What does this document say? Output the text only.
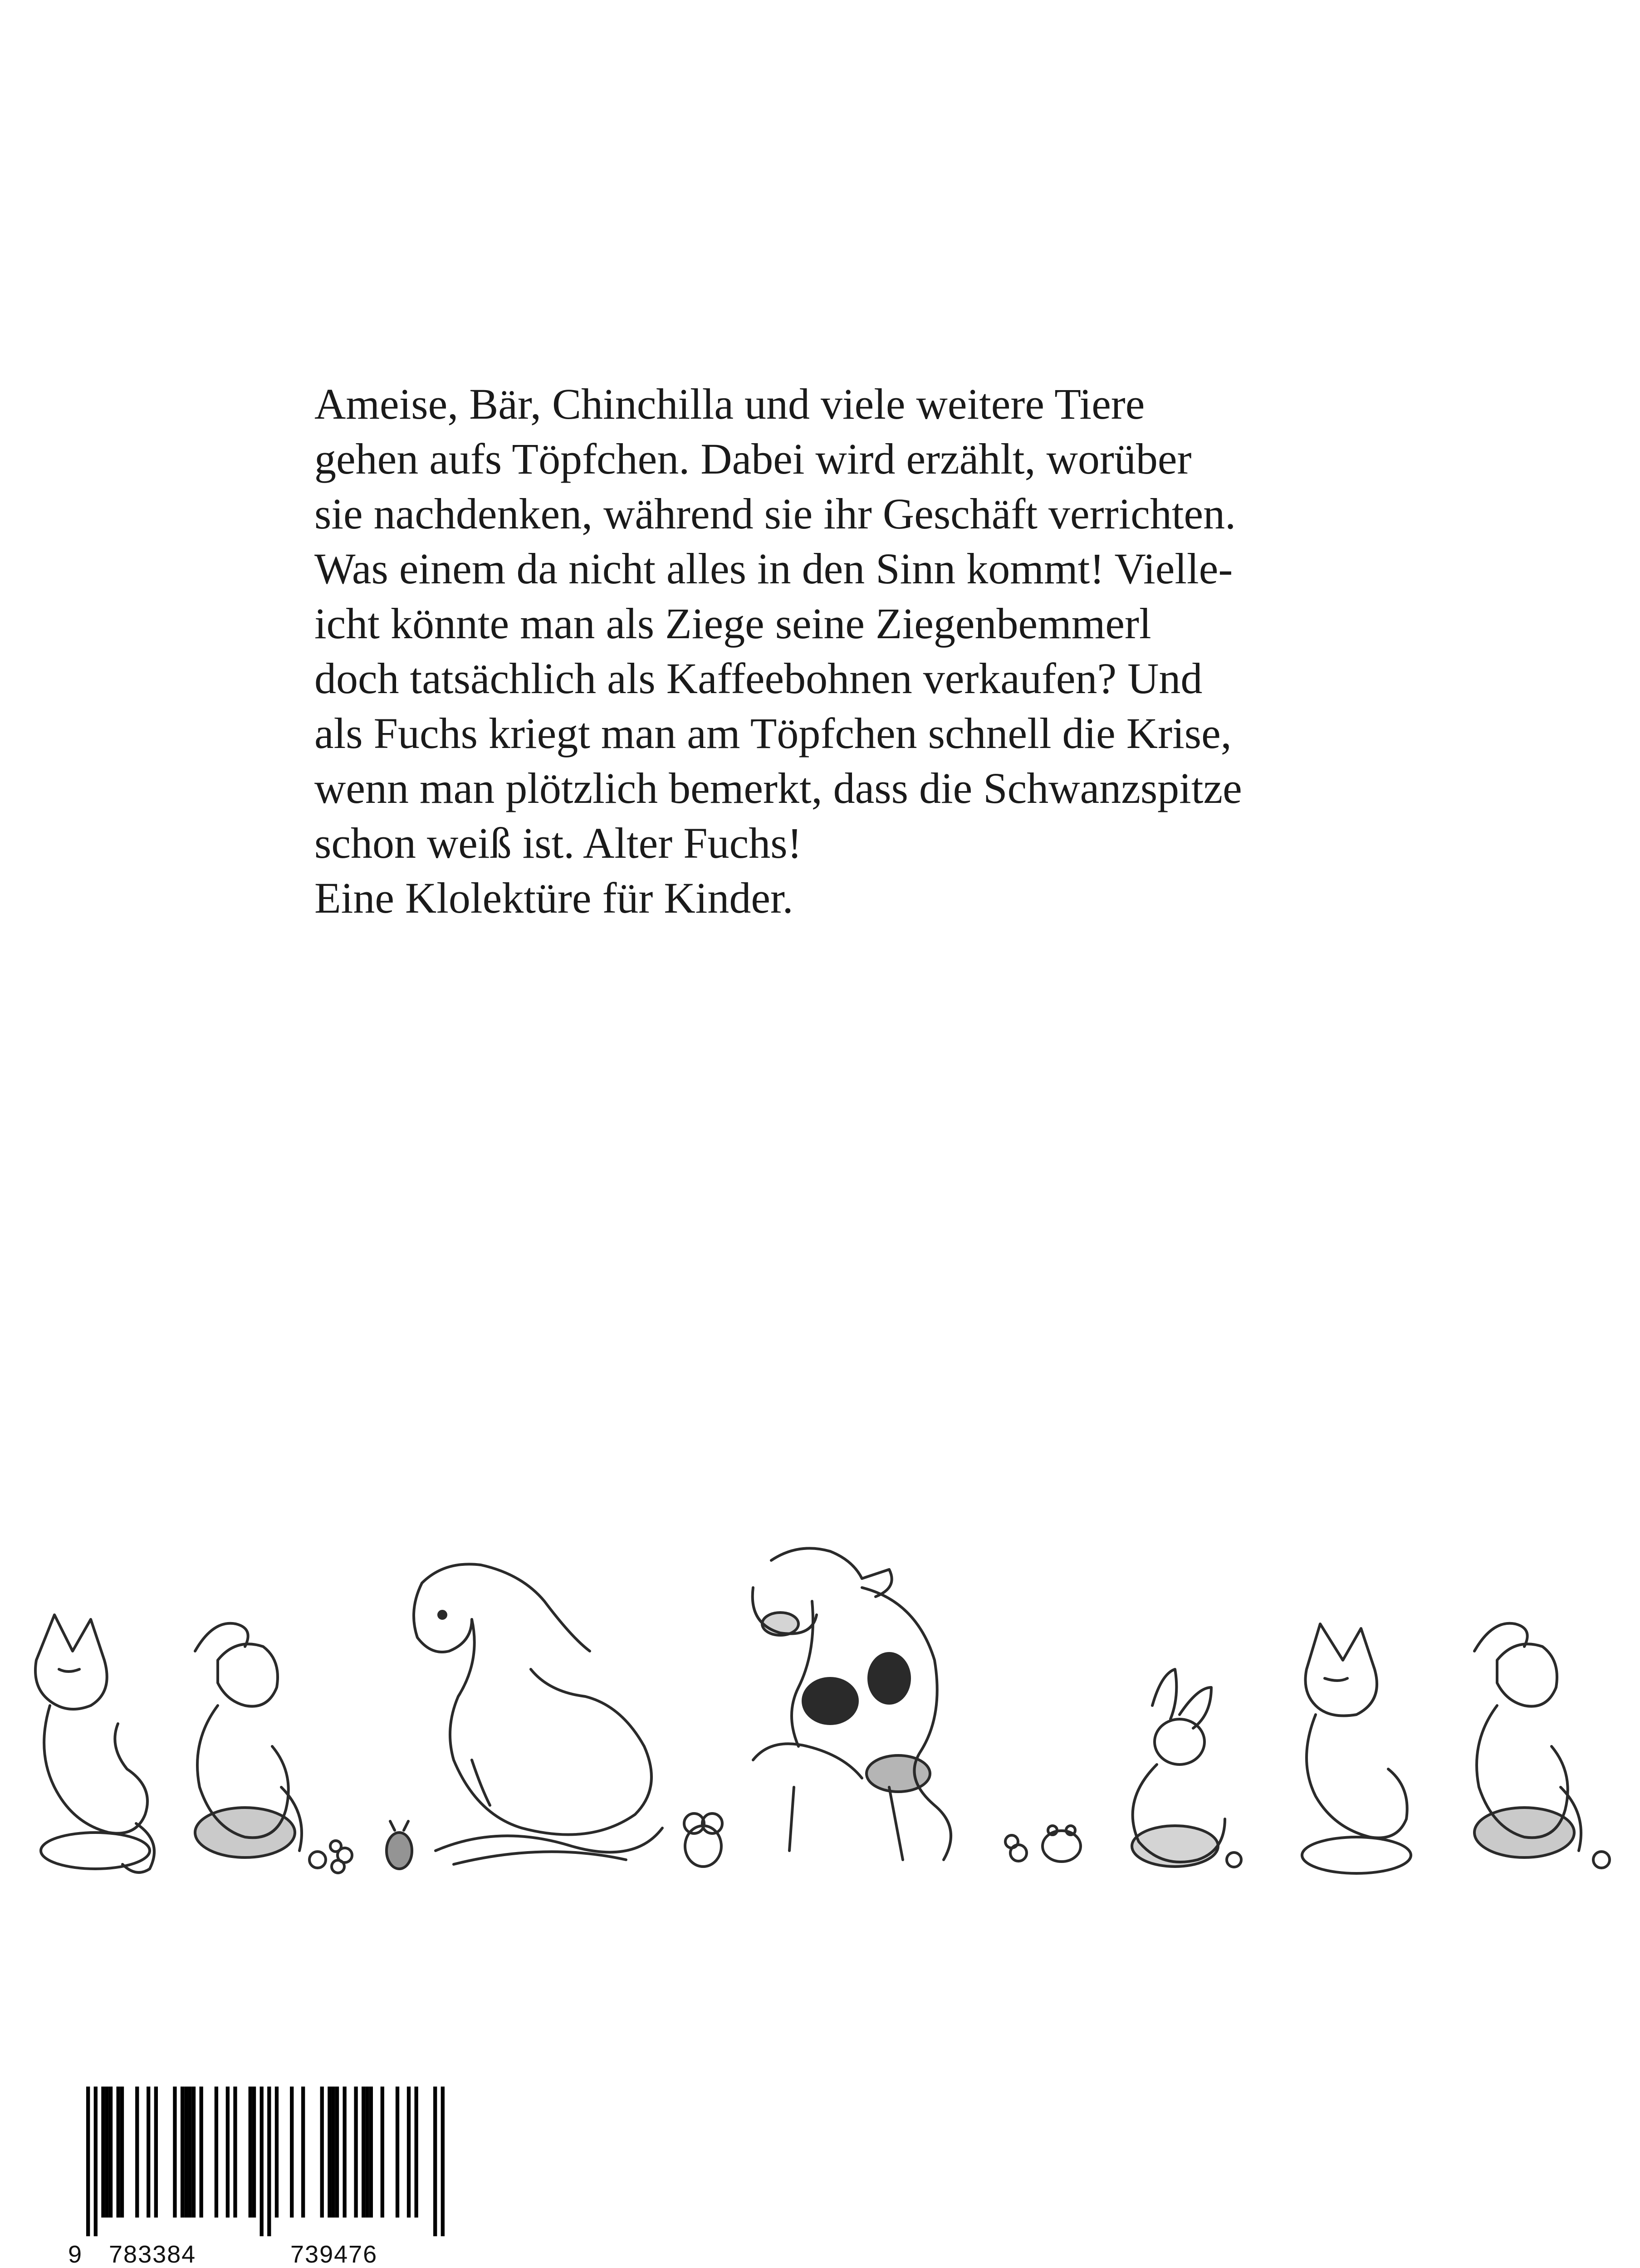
Ameise, Bär, Chinchilla und viele weitere Tiere
gehen aufs Töpfchen. Dabei wird erzählt, worüber
sie nachdenken, während sie ihr Geschäft verrichten.
Was einem da nicht alles in den Sinn kommt! Vielle-
icht könnte man als Ziege seine Ziegenbemmerl
doch tatsächlich als Kaffeebohnen verkaufen? Und
als Fuchs kriegt man am Töpfchen schnell die Krise,
wenn man plötzlich bemerkt, dass die Schwanzspitze
schon weiß ist. Alter Fuchs!
Eine Klolektüre für Kinder.
9 783384	739476
